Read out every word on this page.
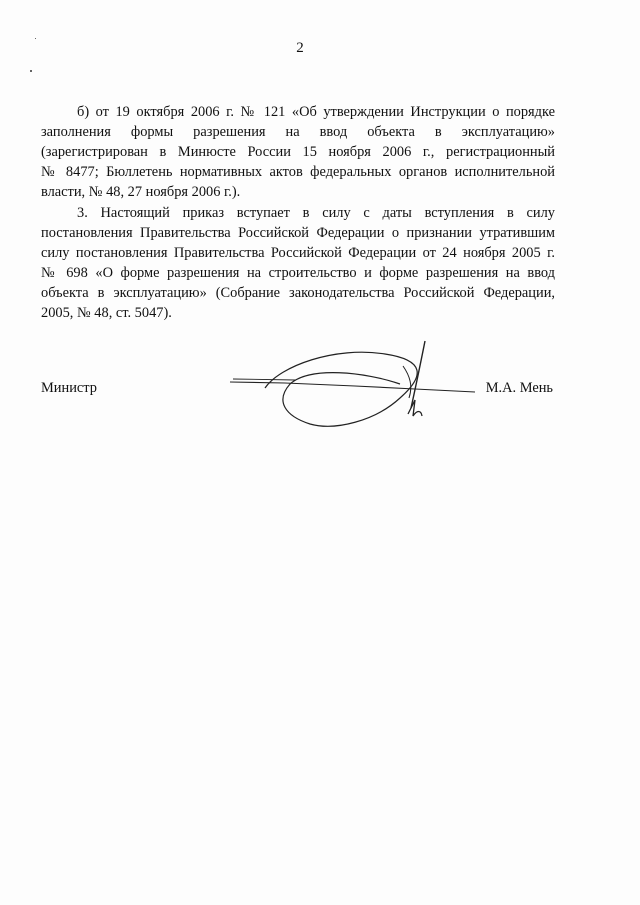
2
б) от 19 октября 2006 г. № 121 «Об утверждении Инструкции о порядке
заполнения формы разрешения на ввод объекта в эксплуатацию»
(зарегистрирован в Минюсте России 15 ноября 2006 г., регистрационный
№ 8477; Бюллетень нормативных актов федеральных органов исполнительной
власти, № 48, 27 ноября 2006 г.).
3. Настоящий приказ вступает в силу с даты вступления в силу
постановления Правительства Российской Федерации о признании утратившим
силу постановления Правительства Российской Федерации от 24 ноября 2005 г.
№ 698 «О форме разрешения на строительство и форме разрешения на ввод
объекта в эксплуатацию» (Собрание законодательства Российской Федерации,
2005, № 48, ст. 5047).
Министр	М.А. Мень
